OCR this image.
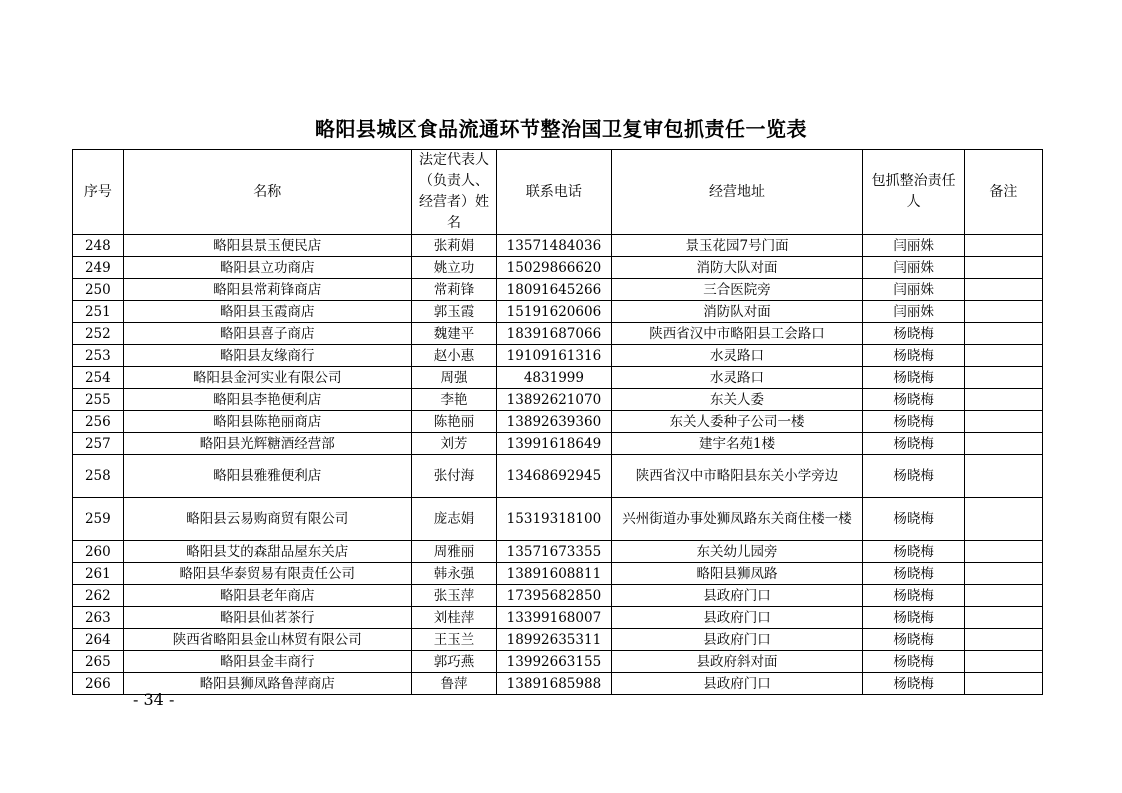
略阳县城区食品流通环节整治国卫复审包抓责任一览表
序号	名称	法定代表人（负责人、经营者）姓名	联系电话	经营地址	包抓整治责任人	备注
248	略阳县景玉便民店	张莉娟	13571484036	景玉花园7号门面	闫丽姝	
249	略阳县立功商店	姚立功	15029866620	消防大队对面	闫丽姝	
250	略阳县常莉锋商店	常莉锋	18091645266	三合医院旁	闫丽姝	
251	略阳县玉霞商店	郭玉霞	15191620606	消防队对面	闫丽姝	
252	略阳县喜子商店	魏建平	18391687066	陕西省汉中市略阳县工会路口	杨晓梅	
253	略阳县友缘商行	赵小惠	19109161316	水灵路口	杨晓梅	
254	略阳县金河实业有限公司	周强	4831999	水灵路口	杨晓梅	
255	略阳县李艳便利店	李艳	13892621070	东关人委	杨晓梅	
256	略阳县陈艳丽商店	陈艳丽	13892639360	东关人委种子公司一楼	杨晓梅	
257	略阳县光辉糖酒经营部	刘芳	13991618649	建宇名苑1楼	杨晓梅	
258	略阳县雅雅便利店	张付海	13468692945	陕西省汉中市略阳县东关小学旁边	杨晓梅	
259	略阳县云易购商贸有限公司	庞志娟	15319318100	兴州街道办事处狮凤路东关商住楼一楼	杨晓梅	
260	略阳县艾的森甜品屋东关店	周雅丽	13571673355	东关幼儿园旁	杨晓梅	
261	略阳县华泰贸易有限责任公司	韩永强	13891608811	略阳县狮凤路	杨晓梅	
262	略阳县老年商店	张玉萍	17395682850	县政府门口	杨晓梅	
263	略阳县仙茗茶行	刘桂萍	13399168007	县政府门口	杨晓梅	
264	陕西省略阳县金山林贸有限公司	王玉兰	18992635311	县政府门口	杨晓梅	
265	略阳县金丰商行	郭巧燕	13992663155	县政府斜对面	杨晓梅	
266	略阳县狮凤路鲁萍商店	鲁萍	13891685988	县政府门口	杨晓梅	
- 34 -
